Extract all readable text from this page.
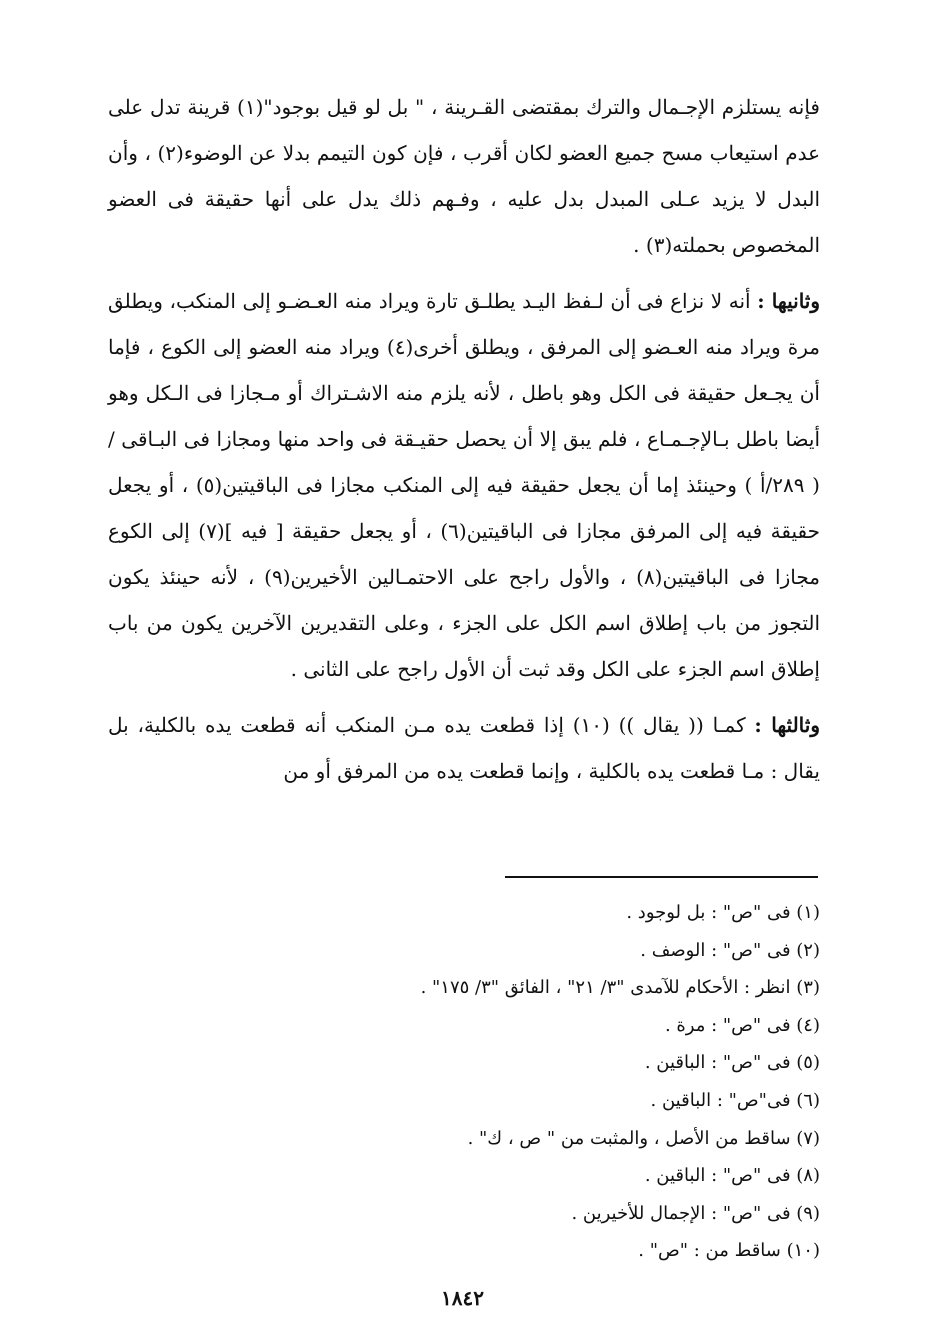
فإنه يستلزم الإجـمال والترك بمقتضى القـرينة ، " بل لو قيل بوجود"(١) قرينة تدل على عدم استيعاب مسح جميع العضو لكان أقرب ، فإن كون التيمم بدلا عن الوضوء(٢) ، وأن البدل لا يزيد عـلى المبدل بدل عليه ، وفـهم ذلك يدل على أنها حقيقة فى العضو المخصوص بحملته(٣) .

وثانيها : أنه لا نزاع فى أن لـفظ اليـد يطلـق تارة ويراد منه العـضـو إلى المنكب، ويطلق مرة ويراد منه العـضو إلى المرفق ، ويطلق أخرى(٤) ويراد منه العضو إلى الكوع ، فإما أن يجـعل حقيقة فى الكل وهو باطل ، لأنه يلزم منه الاشـتراك أو مـجازا فى الـكل وهو أيضا باطل بـالإجـمـاع ، فلم يبق إلا أن يحصل حقيـقة فى واحد منها ومجازا فى البـاقى / ( ٢٨٩/أ ) وحينئذ إما أن يجعل حقيقة فيه إلى المنكب مجازا فى الباقيتين(٥) ، أو يجعل حقيقة فيه إلى المرفق مجازا فى الباقيتين(٦) ، أو يجعل حقيقة [ فيه ](٧) إلى الكوع مجازا فى الباقيتين(٨) ، والأول راجح على الاحتمـالين الأخيرين(٩) ، لأنه حينئذ يكون التجوز من باب إطلاق اسم الكل على الجزء ، وعلى التقديرين الآخرين يكون من باب إطلاق اسم الجزء على الكل وقد ثبت أن الأول راجح على الثانى .

وثالثها : كمـا (( يقال )) (١٠) إذا قطعت يده مـن المنكب أنه قطعت يده بالكلية، بل يقال : مـا قطعت يده بالكلية ، وإنما قطعت يده من المرفق أو من

(١) فى "ص" : بل لوجود .
(٢) فى "ص" : الوصف .
(٣) انظر : الأحكام للآمدى "٣/ ٢١" ، الفائق "٣/ ١٧٥" .
(٤) فى "ص" : مرة .
(٥) فى "ص" : الباقين .
(٦) فى"ص" : الباقين .
(٧) ساقط من الأصل ، والمثبت من " ص ، ك" .
(٨) فى "ص" : الباقين .
(٩) فى "ص" : الإجمال للأخيرين .
(١٠) ساقط من : "ص" .
١٨٤٢
